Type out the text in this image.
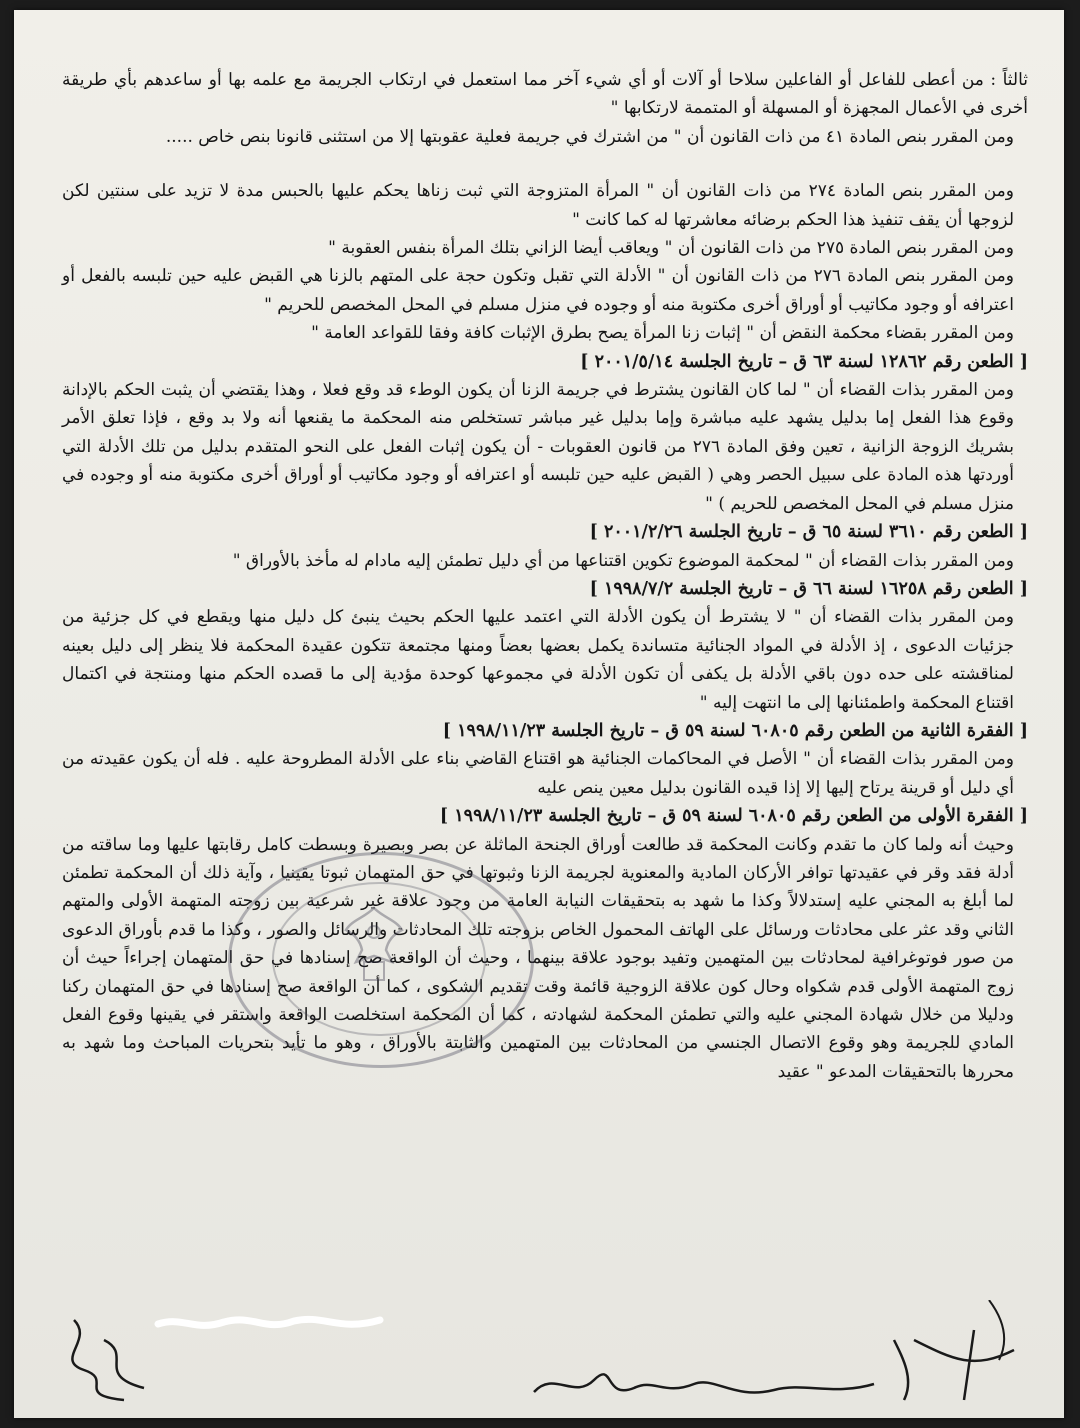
ثالثاً : من أعطى للفاعل أو الفاعلين سلاحا أو آلات أو أي شيء آخر مما استعمل في ارتكاب الجريمة مع علمه بها أو ساعدهم بأي طريقة أخرى في الأعمال المجهزة أو المسهلة أو المتممة لارتكابها "

ومن المقرر بنص المادة ٤١ من ذات القانون أن " من اشترك في جريمة فعلية عقوبتها إلا من استثنى قانونا بنص خاص .....

ومن المقرر بنص المادة ٢٧٤ من ذات القانون أن " المرأة المتزوجة التي ثبت زناها يحكم عليها بالحبس مدة لا تزيد على سنتين لكن لزوجها أن يقف تنفيذ هذا الحكم برضائه معاشرتها له كما كانت "

ومن المقرر بنص المادة ٢٧٥ من ذات القانون أن " ويعاقب أيضا الزاني بتلك المرأة بنفس العقوبة "

ومن المقرر بنص المادة ٢٧٦ من ذات القانون أن " الأدلة التي تقبل وتكون حجة على المتهم بالزنا هي القبض عليه حين تلبسه بالفعل أو اعترافه أو وجود مكاتيب أو أوراق أخرى مكتوبة منه أو وجوده في منزل مسلم في المحل المخصص للحريم "

ومن المقرر بقضاء محكمة النقض أن " إثبات زنا المرأة يصح بطرق الإثبات كافة وفقا للقواعد العامة "

[ الطعن رقم ١٢٨٦٢ لسنة ٦٣ ق – تاريخ الجلسة ٢٠٠١/٥/١٤ ]

ومن المقرر بذات القضاء أن " لما كان القانون يشترط في جريمة الزنا أن يكون الوطء قد وقع فعلا ، وهذا يقتضي أن يثبت الحكم بالإدانة وقوع هذا الفعل إما بدليل يشهد عليه مباشرة وإما بدليل غير مباشر تستخلص منه المحكمة ما يقنعها أنه ولا بد وقع ، فإذا تعلق الأمر بشريك الزوجة الزانية ، تعين وفق المادة ٢٧٦ من قانون العقوبات - أن يكون إثبات الفعل على النحو المتقدم بدليل من تلك الأدلة التي أوردتها هذه المادة على سبيل الحصر وهي ( القبض عليه حين تلبسه أو اعترافه أو وجود مكاتيب أو أوراق أخرى مكتوبة منه أو وجوده في منزل مسلم في المحل المخصص للحريم ) "

[ الطعن رقم ٣٦١٠ لسنة ٦٥ ق – تاريخ الجلسة ٢٠٠١/٢/٢٦ ]

ومن المقرر بذات القضاء أن " لمحكمة الموضوع تكوين اقتناعها من أي دليل تطمئن إليه مادام له مأخذ بالأوراق "

[ الطعن رقم ١٦٢٥٨ لسنة ٦٦ ق – تاريخ الجلسة ١٩٩٨/٧/٢ ]

ومن المقرر بذات القضاء أن " لا يشترط أن يكون الأدلة التي اعتمد عليها الحكم بحيث ينبئ كل دليل منها ويقطع في كل جزئية من جزئيات الدعوى ، إذ الأدلة في المواد الجنائية متساندة يكمل بعضها بعضاً ومنها مجتمعة تتكون عقيدة المحكمة فلا ينظر إلى دليل بعينه لمناقشته على حده دون باقي الأدلة بل يكفى أن تكون الأدلة في مجموعها كوحدة مؤدية إلى ما قصده الحكم منها ومنتجة في اكتمال اقتناع المحكمة واطمئنانها إلى ما انتهت إليه "

[ الفقرة الثانية من الطعن رقم ٦٠٨٠٥ لسنة ٥٩ ق – تاريخ الجلسة ١٩٩٨/١١/٢٣ ]

ومن المقرر بذات القضاء أن " الأصل في المحاكمات الجنائية هو اقتناع القاضي بناء على الأدلة المطروحة عليه . فله أن يكون عقيدته من أي دليل أو قرينة يرتاح إليها إلا إذا قيده القانون بدليل معين ينص عليه

[ الفقرة الأولى من الطعن رقم ٦٠٨٠٥ لسنة ٥٩ ق – تاريخ الجلسة ١٩٩٨/١١/٢٣ ]

وحيث أنه ولما كان ما تقدم وكانت المحكمة قد طالعت أوراق الجنحة الماثلة عن بصر وبصيرة وبسطت كامل رقابتها عليها وما ساقته من أدلة فقد وقر في عقيدتها توافر الأركان المادية والمعنوية لجريمة الزنا وثبوتها في حق المتهمان ثبوتا يقينيا ، وآية ذلك أن المحكمة تطمئن لما أبلغ به المجني عليه إستدلالاً وكذا ما شهد به بتحقيقات النيابة العامة من وجود علاقة غير شرعية بين زوجته المتهمة الأولى والمتهم الثاني وقد عثر على محادثات ورسائل على الهاتف المحمول الخاص بزوجته تلك المحادثات والرسائل والصور ، وكذا ما قدم بأوراق الدعوى من صور فوتوغرافية لمحادثات بين المتهمين وتفيد بوجود علاقة بينهما ، وحيث أن الواقعة صح إسنادها في حق المتهمان إجراءاً حيث أن زوج المتهمة الأولى قدم شكواه وحال كون علاقة الزوجية قائمة وقت تقديم الشكوى ، كما أن الواقعة صح إسنادها في حق المتهمان ركنا ودليلا من خلال شهادة المجني عليه والتي تطمئن المحكمة لشهادته ، كما أن المحكمة استخلصت الواقعة واستقر في يقينها وقوع الفعل المادي للجريمة وهو وقوع الاتصال الجنسي من المحادثات بين المتهمين والثابتة بالأوراق ، وهو ما تأيد بتحريات المباحث وما شهد به محررها بالتحقيقات المدعو " عقيد
